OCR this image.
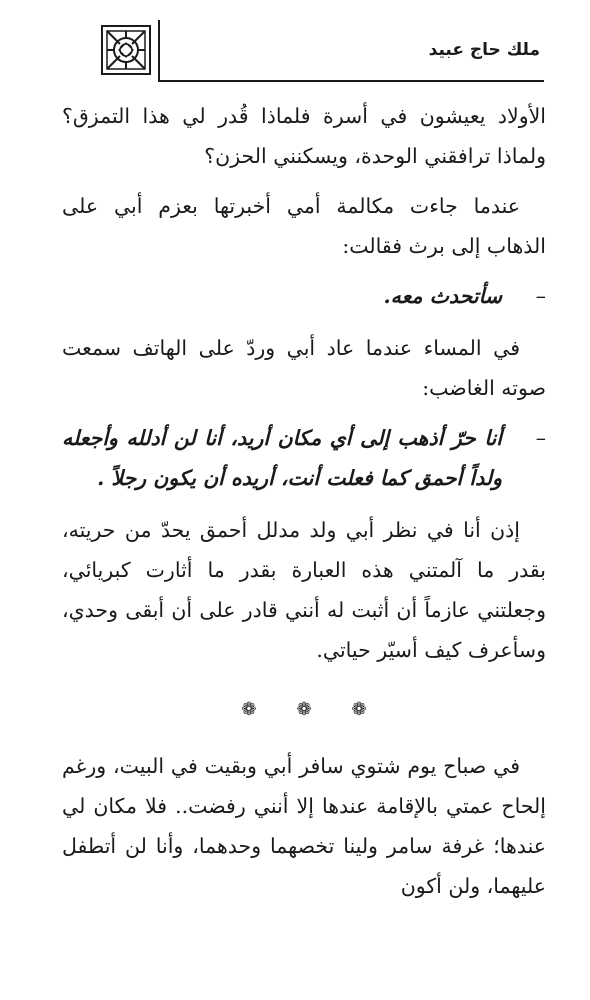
ملك حاج عبيد

الأولاد يعيشون في أسرة فلماذا قُدر لي هذا التمزق؟ ولماذا ترافقني الوحدة، ويسكنني الحزن؟

عندما جاءت مكالمة أمي أخبرتها بعزم أبي على الذهاب إلى برث فقالت:

–
سأتحدث معه.

في المساء عندما عاد أبي وردّ على الهاتف سمعت صوته الغاضب:

–
أنا حرّ أذهب إلى أي مكان أريد، أنا لن أدلله وأجعله ولداً أحمق كما فعلت أنت، أريده أن يكون رجلاً .

إذن أنا في نظر أبي ولد مدلل أحمق يحدّ من حريته، بقدر ما آلمتني هذه العبارة بقدر ما أثارت كبريائي، وجعلتني عازماً أن أثبت له أنني قادر على أن أبقى وحدي، وسأعرف كيف أسيّر حياتي.

❁ ❁ ❁

في صباح يوم شتوي سافر أبي وبقيت في البيت، ورغم إلحاح عمتي بالإقامة عندها إلا أنني رفضت.. فلا مكان لي عندها؛ غرفة سامر ولينا تخصهما وحدهما، وأنا لن أتطفل عليهما، ولن أكون
